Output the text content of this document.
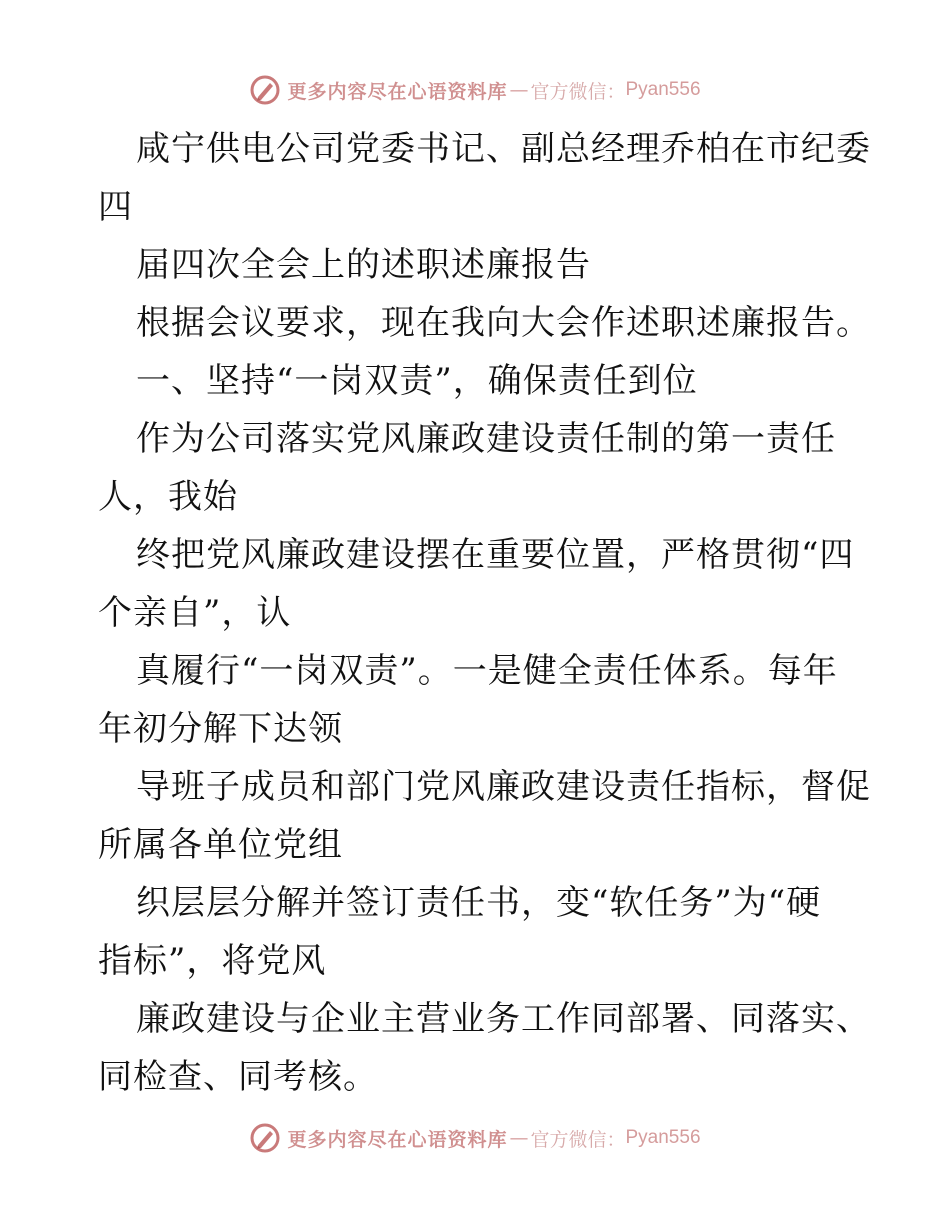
更多内容尽在心语资料库 — 官方微信： Pyan556
咸宁供电公司党委书记、副总经理乔柏在市纪委
四
届四次全会上的述职述廉报告
根据会议要求，现在我向大会作述职述廉报告。
一、坚持“一岗双责”，确保责任到位
作为公司落实党风廉政建设责任制的第一责任
人，我始
终把党风廉政建设摆在重要位置，严格贯彻“四
个亲自”，认
真履行“一岗双责”。一是健全责任体系。每年
年初分解下达领
导班子成员和部门党风廉政建设责任指标，督促
所属各单位党组
织层层分解并签订责任书，变“软任务”为“硬
指标”，将党风
廉政建设与企业主营业务工作同部署、同落实、
同检查、同考核。
更多内容尽在心语资料库 — 官方微信： Pyan556
